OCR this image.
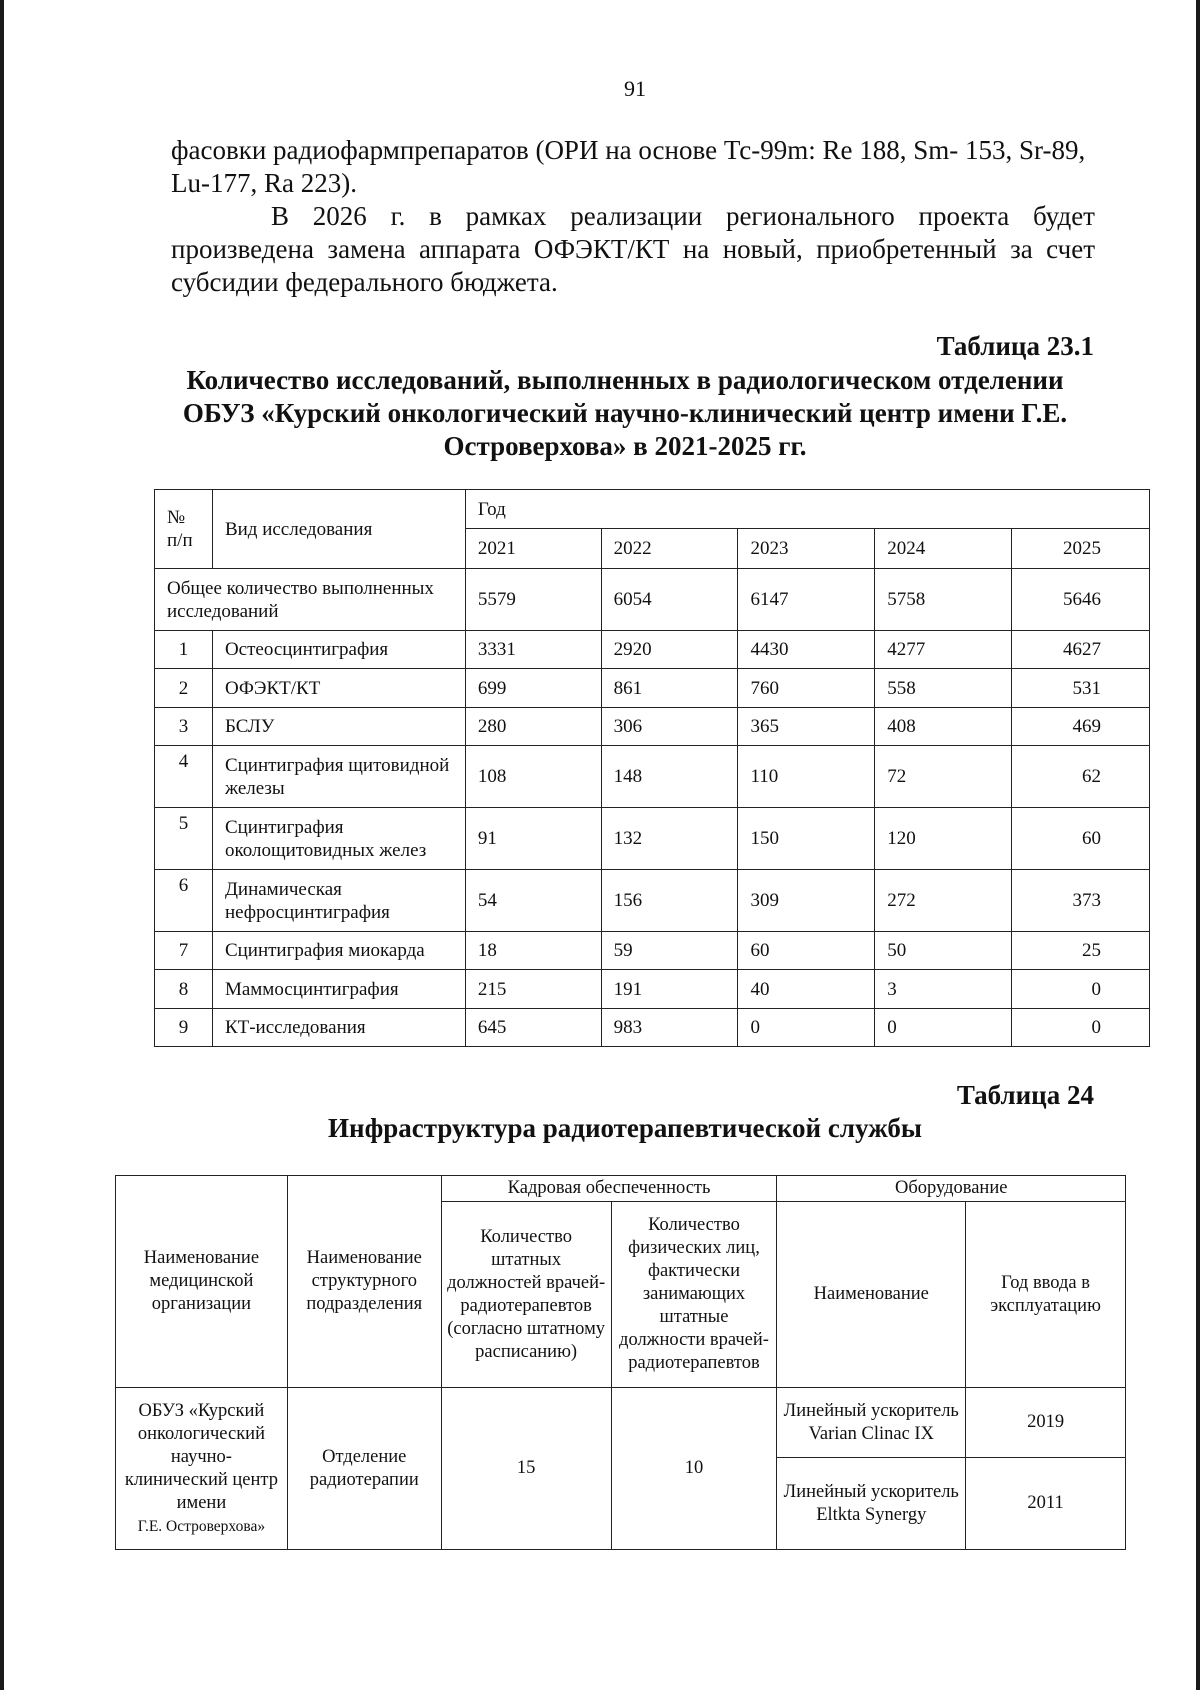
91

фасовки радиофармпрепаратов (ОРИ на основе Тс-99m: Re 188, Sm- 153, Sr-89, Lu-177, Ra 223).

В 2026 г. в рамках реализации регионального проекта будет произведена замена аппарата ОФЭКТ/КТ на новый, приобретенный за счет субсидии федерального бюджета.

Таблица 23.1

Количество исследований, выполненных в радиологическом отделении ОБУЗ «Курский онкологический научно-клинический центр имени Г.Е. Островерхова» в 2021-2025 гг.

№ п/п	Вид исследования	Год				
		2021	2022	2023	2024	2025
Общее количество выполненных исследований		5579	6054	6147	5758	5646
1	Остеосцинтиграфия	3331	2920	4430	4277	4627
2	ОФЭКТ/КТ	699	861	760	558	531
3	БСЛУ	280	306	365	408	469
4	Сцинтиграфия щитовидной железы	108	148	110	72	62
5	Сцинтиграфия околощитовидных желез	91	132	150	120	60
6	Динамическая нефросцинтиграфия	54	156	309	272	373
7	Сцинтиграфия миокарда	18	59	60	50	25
8	Маммосцинтиграфия	215	191	40	3	0
9	КТ-исследования	645	983	0	0	0

Таблица 24

Инфраструктура радиотерапевтической службы

Наименование медицинской организации	Наименование структурного подразделения	Кадровая обеспеченность		Оборудование	
		Количество штатных должностей врачей-радиотерапевтов (согласно штатному расписанию)	Количество физических лиц, фактически занимающих штатные должности врачей-радиотерапевтов	Наименование	Год ввода в эксплуатацию

ОБУЗ «Курский онкологический научно-клинический центр имени
Г.Е. Островерхова»	Отделение радиотерапии	15	10	Линейный ускоритель Varian Clinac IX	2019
				Линейный ускоритель Eltkta Synergy	2011
